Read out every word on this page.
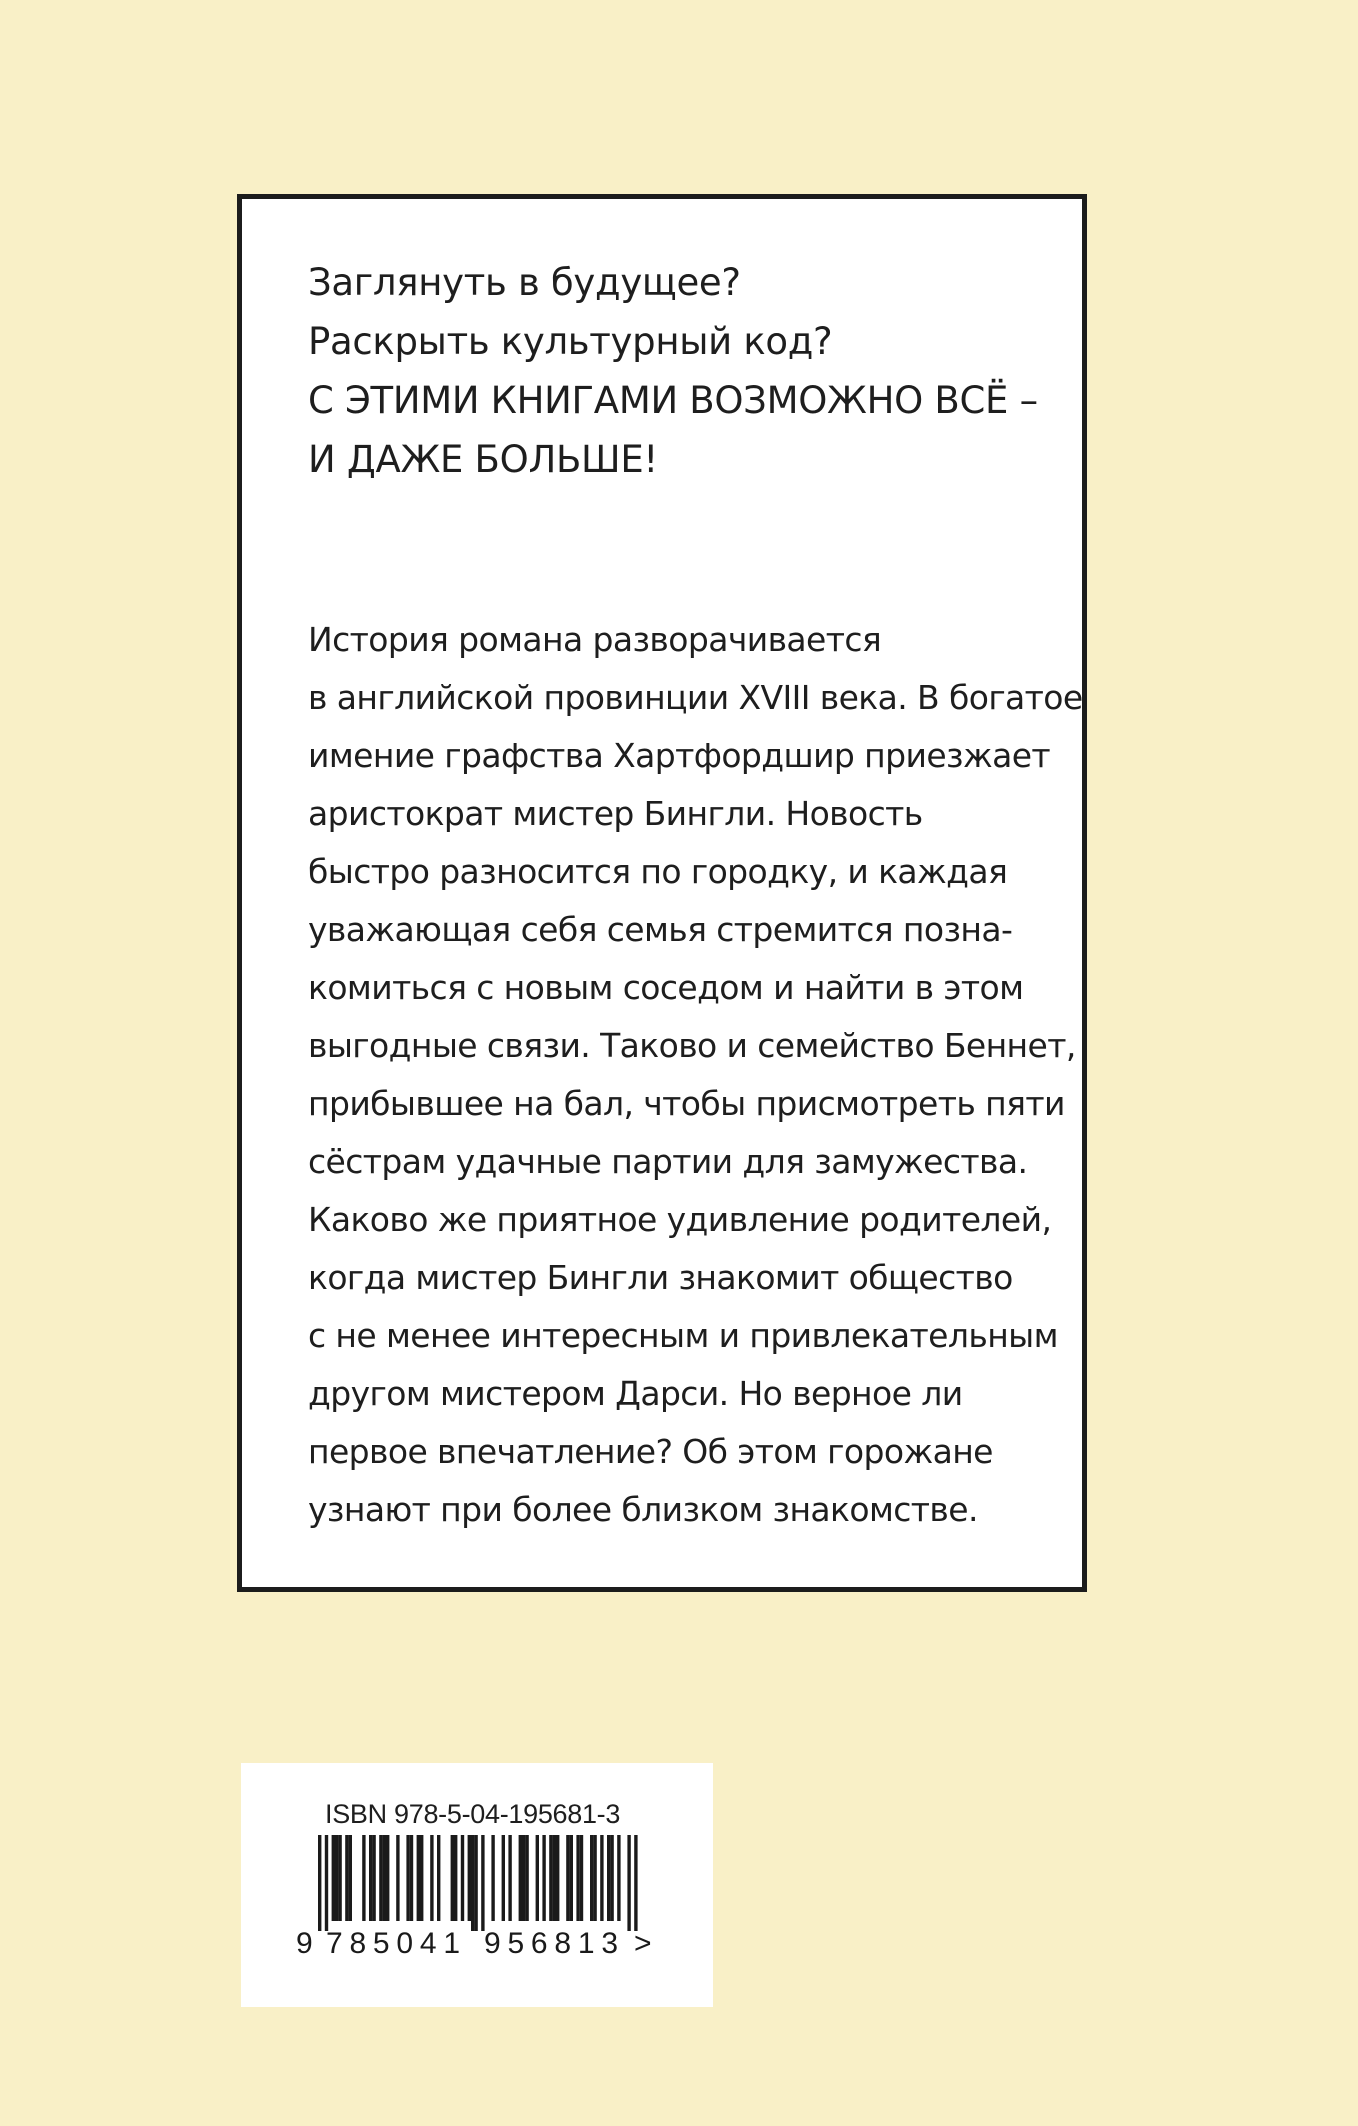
Заглянуть в будущее?
Раскрыть культурный код?
С ЭТИМИ КНИГАМИ ВОЗМОЖНО ВСЁ –
И ДАЖЕ БОЛЬШЕ!

История романа разворачивается
в английской провинции XVIII века. В богатое
имение графства Хартфордшир приезжает
аристократ мистер Бингли. Новость
быстро разносится по городку, и каждая
уважающая себя семья стремится позна-
комиться с новым соседом и найти в этом
выгодные связи. Таково и семейство Беннет,
прибывшее на бал, чтобы присмотреть пяти
сёстрам удачные партии для замужества.
Каково же приятное удивление родителей,
когда мистер Бингли знакомит общество
с не менее интересным и привлекательным
другом мистером Дарси. Но верное ли
первое впечатление? Об этом горожане
узнают при более близком знакомстве.

ISBN 978-5-04-195681-3
9 785041 956813 >
